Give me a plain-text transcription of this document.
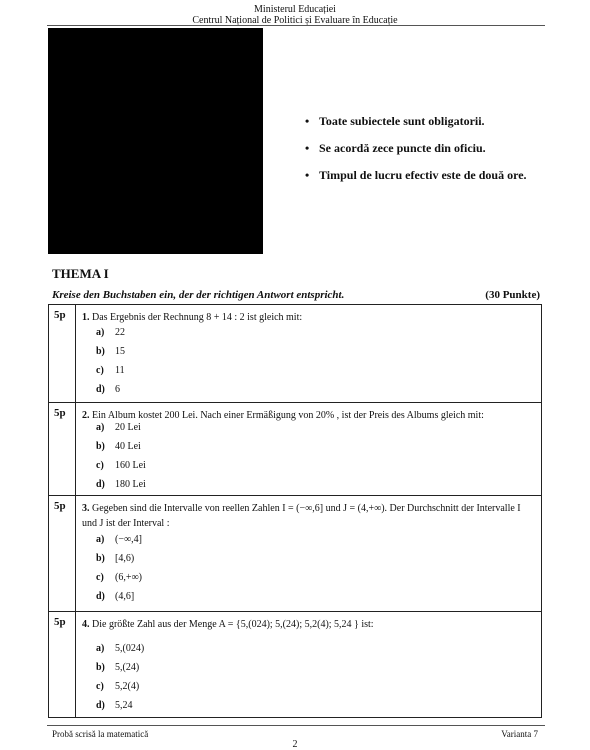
Ministerul Educației
Centrul Național de Politici și Evaluare în Educație
• Toate subiectele sunt obligatorii.
• Se acordă zece puncte din oficiu.
• Timpul de lucru efectiv este de două ore.
THEMA I
Kreise den Buchstaben ein, der der richtigen Antwort entspricht.	(30 Punkte)
5p 1. Das Ergebnis der Rechnung 8 + 14 : 2 ist gleich mit:
a)	22
b)	15
c)	11
d)	6
5p 2. Ein Album kostet 200 Lei. Nach einer Ermäßigung von 20% , ist der Preis des Albums gleich mit:
a)	20 Lei
b)	40 Lei
c)	160 Lei
d)	180 Lei
5p 3. Gegeben sind die Intervalle von reellen Zahlen I = (−∞,6] und J = (4,+∞). Der Durchschnitt der Intervalle I und J ist der Interval :
a)	(−∞,4]
b)	[4,6)
c)	(6,+∞)
d)	(4,6]
5p 4. Die größte Zahl aus der Menge A = {5,(024); 5,(24); 5,2(4); 5,24 } ist:
a)	5,(024)
b)	5,(24)
c)	5,2(4)
d)	5,24
Probă scrisă la matematică	Varianta 7
2
